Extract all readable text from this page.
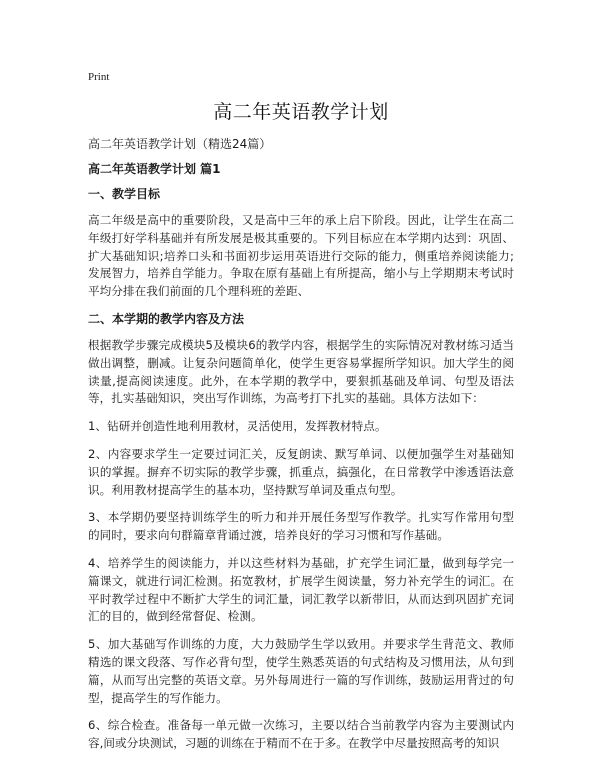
Print
高二年英语教学计划
高二年英语教学计划（精选24篇）
高二年英语教学计划 篇1
一、教学目标

高二年级是高中的重要阶段，又是高中三年的承上启下阶段。因此，让学生在高二年级打好学科基础并有所发展是极其重要的。下列目标应在本学期内达到：巩固、扩大基础知识;培养口头和书面初步运用英语进行交际的能力，侧重培养阅读能力;发展智力，培养自学能力。争取在原有基础上有所提高，缩小与上学期期末考试时平均分排在我们前面的几个理科班的差距、

二、本学期的教学内容及方法

根据教学步骤完成模块5及模块6的教学内容，根据学生的实际情况对教材练习适当做出调整，删减。让复杂问题简单化，使学生更容易掌握所学知识。加大学生的阅读量,提高阅读速度。此外，在本学期的教学中，要狠抓基础及单词、句型及语法等，扎实基础知识，突出写作训练，为高考打下扎实的基础。具体方法如下：

1、钻研并创造性地利用教材，灵活使用，发挥教材特点。

2、内容要求学生一定要过词汇关，反复朗读、默写单词、以便加强学生对基础知识的掌握。摒弃不切实际的教学步骤，抓重点，搞强化，在日常教学中渗透语法意识。利用教材提高学生的基本功，坚持默写单词及重点句型。

3、本学期仍要坚持训练学生的听力和并开展任务型写作教学。扎实写作常用句型的同时，要求向句群篇章背诵过渡，培养良好的学习习惯和写作基础。

4、培养学生的阅读能力，并以这些材料为基础，扩充学生词汇量，做到每学完一篇课文，就进行词汇检测。拓宽教材，扩展学生阅读量，努力补充学生的词汇。在平时教学过程中不断扩大学生的词汇量，词汇教学以新带旧，从而达到巩固扩充词汇的目的，做到经常督促、检测。

5、加大基础写作训练的力度，大力鼓励学生学以致用。并要求学生背范文、教师精选的课文段落、写作必背句型，使学生熟悉英语的句式结构及习惯用法，从句到篇，从而写出完整的英语文章。另外每周进行一篇的写作训练，鼓励运用背过的句型，提高学生的写作能力。

6、综合检查。准备每一单元做一次练习，主要以结合当前教学内容为主要测试内容,间或分块测试，习题的训练在于精而不在于多。在教学中尽量按照高考的知识
